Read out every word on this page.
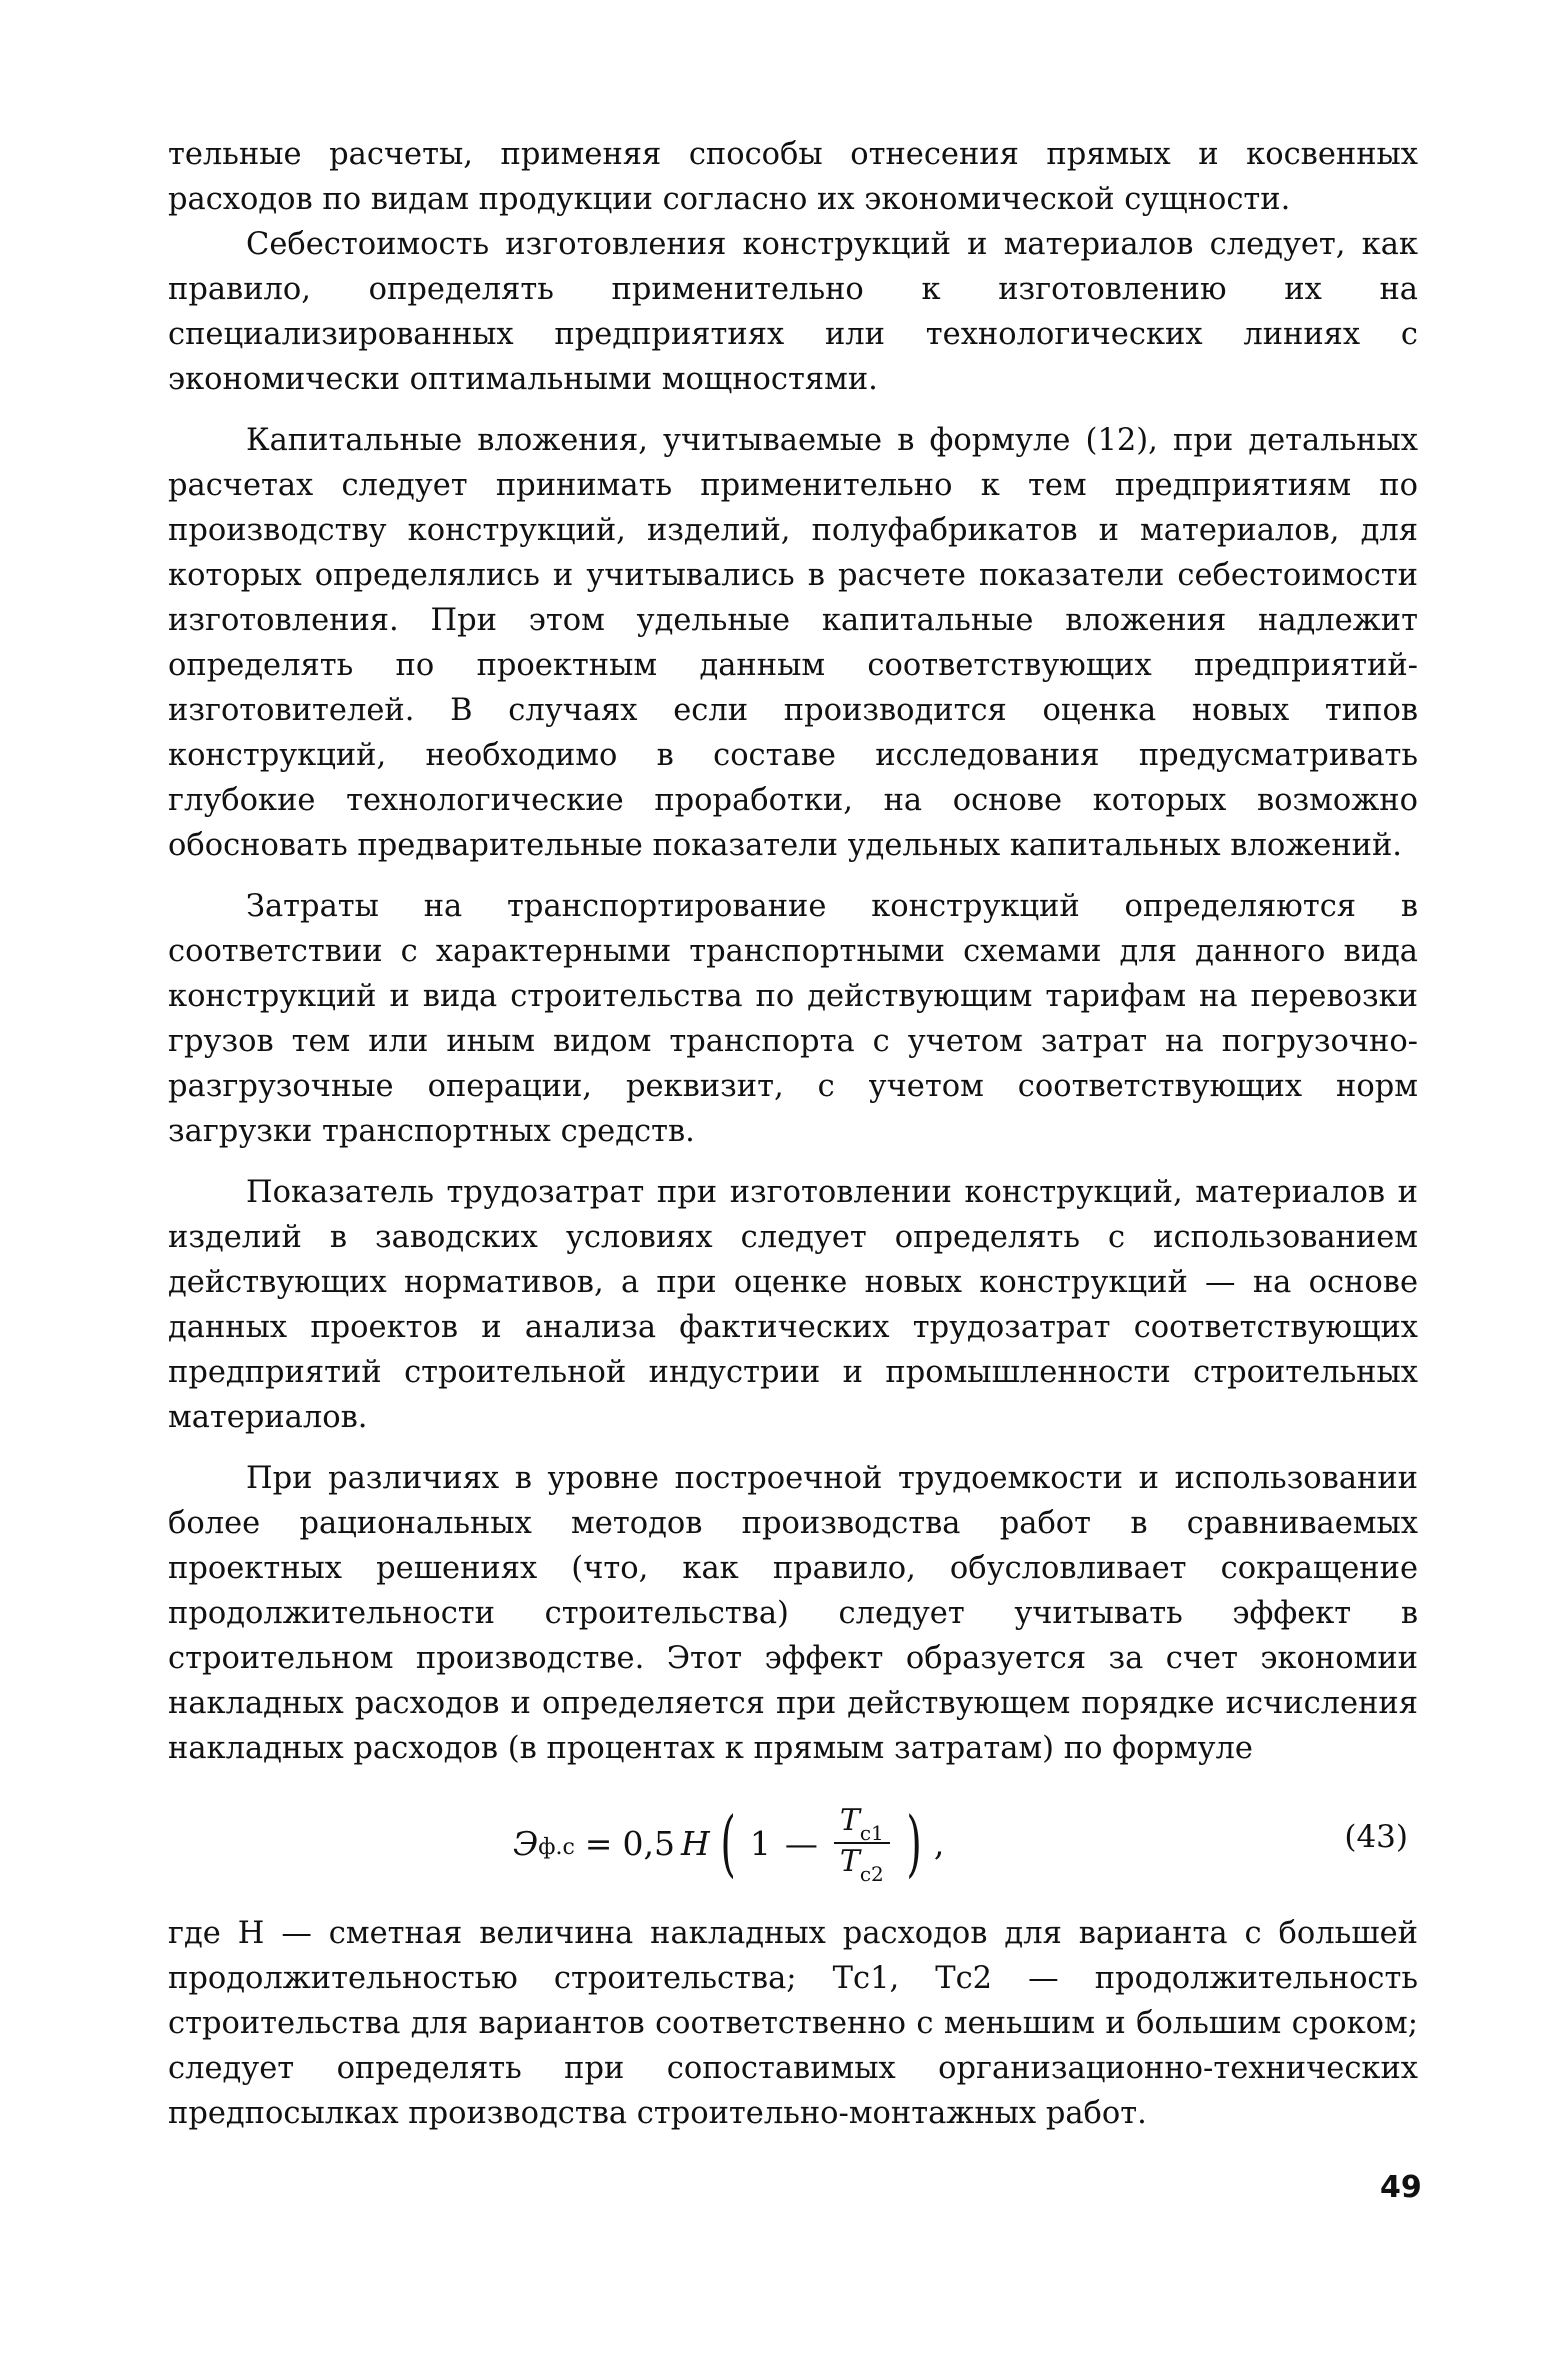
тельные расчеты, применяя способы отнесения прямых и косвенных расходов по видам продукции согласно их экономической сущности.

Себестоимость изготовления конструкций и материалов следует, как правило, определять применительно к изготовлению их на специализированных предприятиях или технологических линиях с экономически оптимальными мощностями.

Капитальные вложения, учитываемые в формуле (12), при детальных расчетах следует принимать применительно к тем предприятиям по производству конструкций, изделий, полуфабрикатов и материалов, для которых определялись и учитывались в расчете показатели себестоимости изготовления. При этом удельные капитальные вложения надлежит определять по проектным данным соответствующих предприятий-изготовителей. В случаях если производится оценка новых типов конструкций, необходимо в составе исследования предусматривать глубокие технологические проработки, на основе которых возможно обосновать предварительные показатели удельных капитальных вложений.

Затраты на транспортирование конструкций определяются в соответствии с характерными транспортными схемами для данного вида конструкций и вида строительства по действующим тарифам на перевозки грузов тем или иным видом транспорта с учетом затрат на погрузочно-разгрузочные операции, реквизит, с учетом соответствующих норм загрузки транспортных средств.

Показатель трудозатрат при изготовлении конструкций, материалов и изделий в заводских условиях следует определять с использованием действующих нормативов, а при оценке новых конструкций — на основе данных проектов и анализа фактических трудозатрат соответствующих предприятий строительной индустрии и промышленности строительных материалов.

При различиях в уровне построечной трудоемкости и использовании более рациональных методов производства работ в сравниваемых проектных решениях (что, как правило, обусловливает сокращение продолжительности строительства) следует учитывать эффект в строительном производстве. Этот эффект образуется за счет экономии накладных расходов и определяется при действующем порядке исчисления накладных расходов (в процентах к прямым затратам) по формуле

$Э_{ф.с} = 0,5$ H ( 1 — $\frac{T_{с1}}{T_{с2}}$ ) ,	(43)

где H — сметная величина накладных расходов для варианта с большей продолжительностью строительства; Tс1, Tс2 — продолжительность строительства для вариантов соответственно с меньшим и большим сроком; следует определять при сопоставимых организационно-технических предпосылках производства строительно-монтажных работ.

49
